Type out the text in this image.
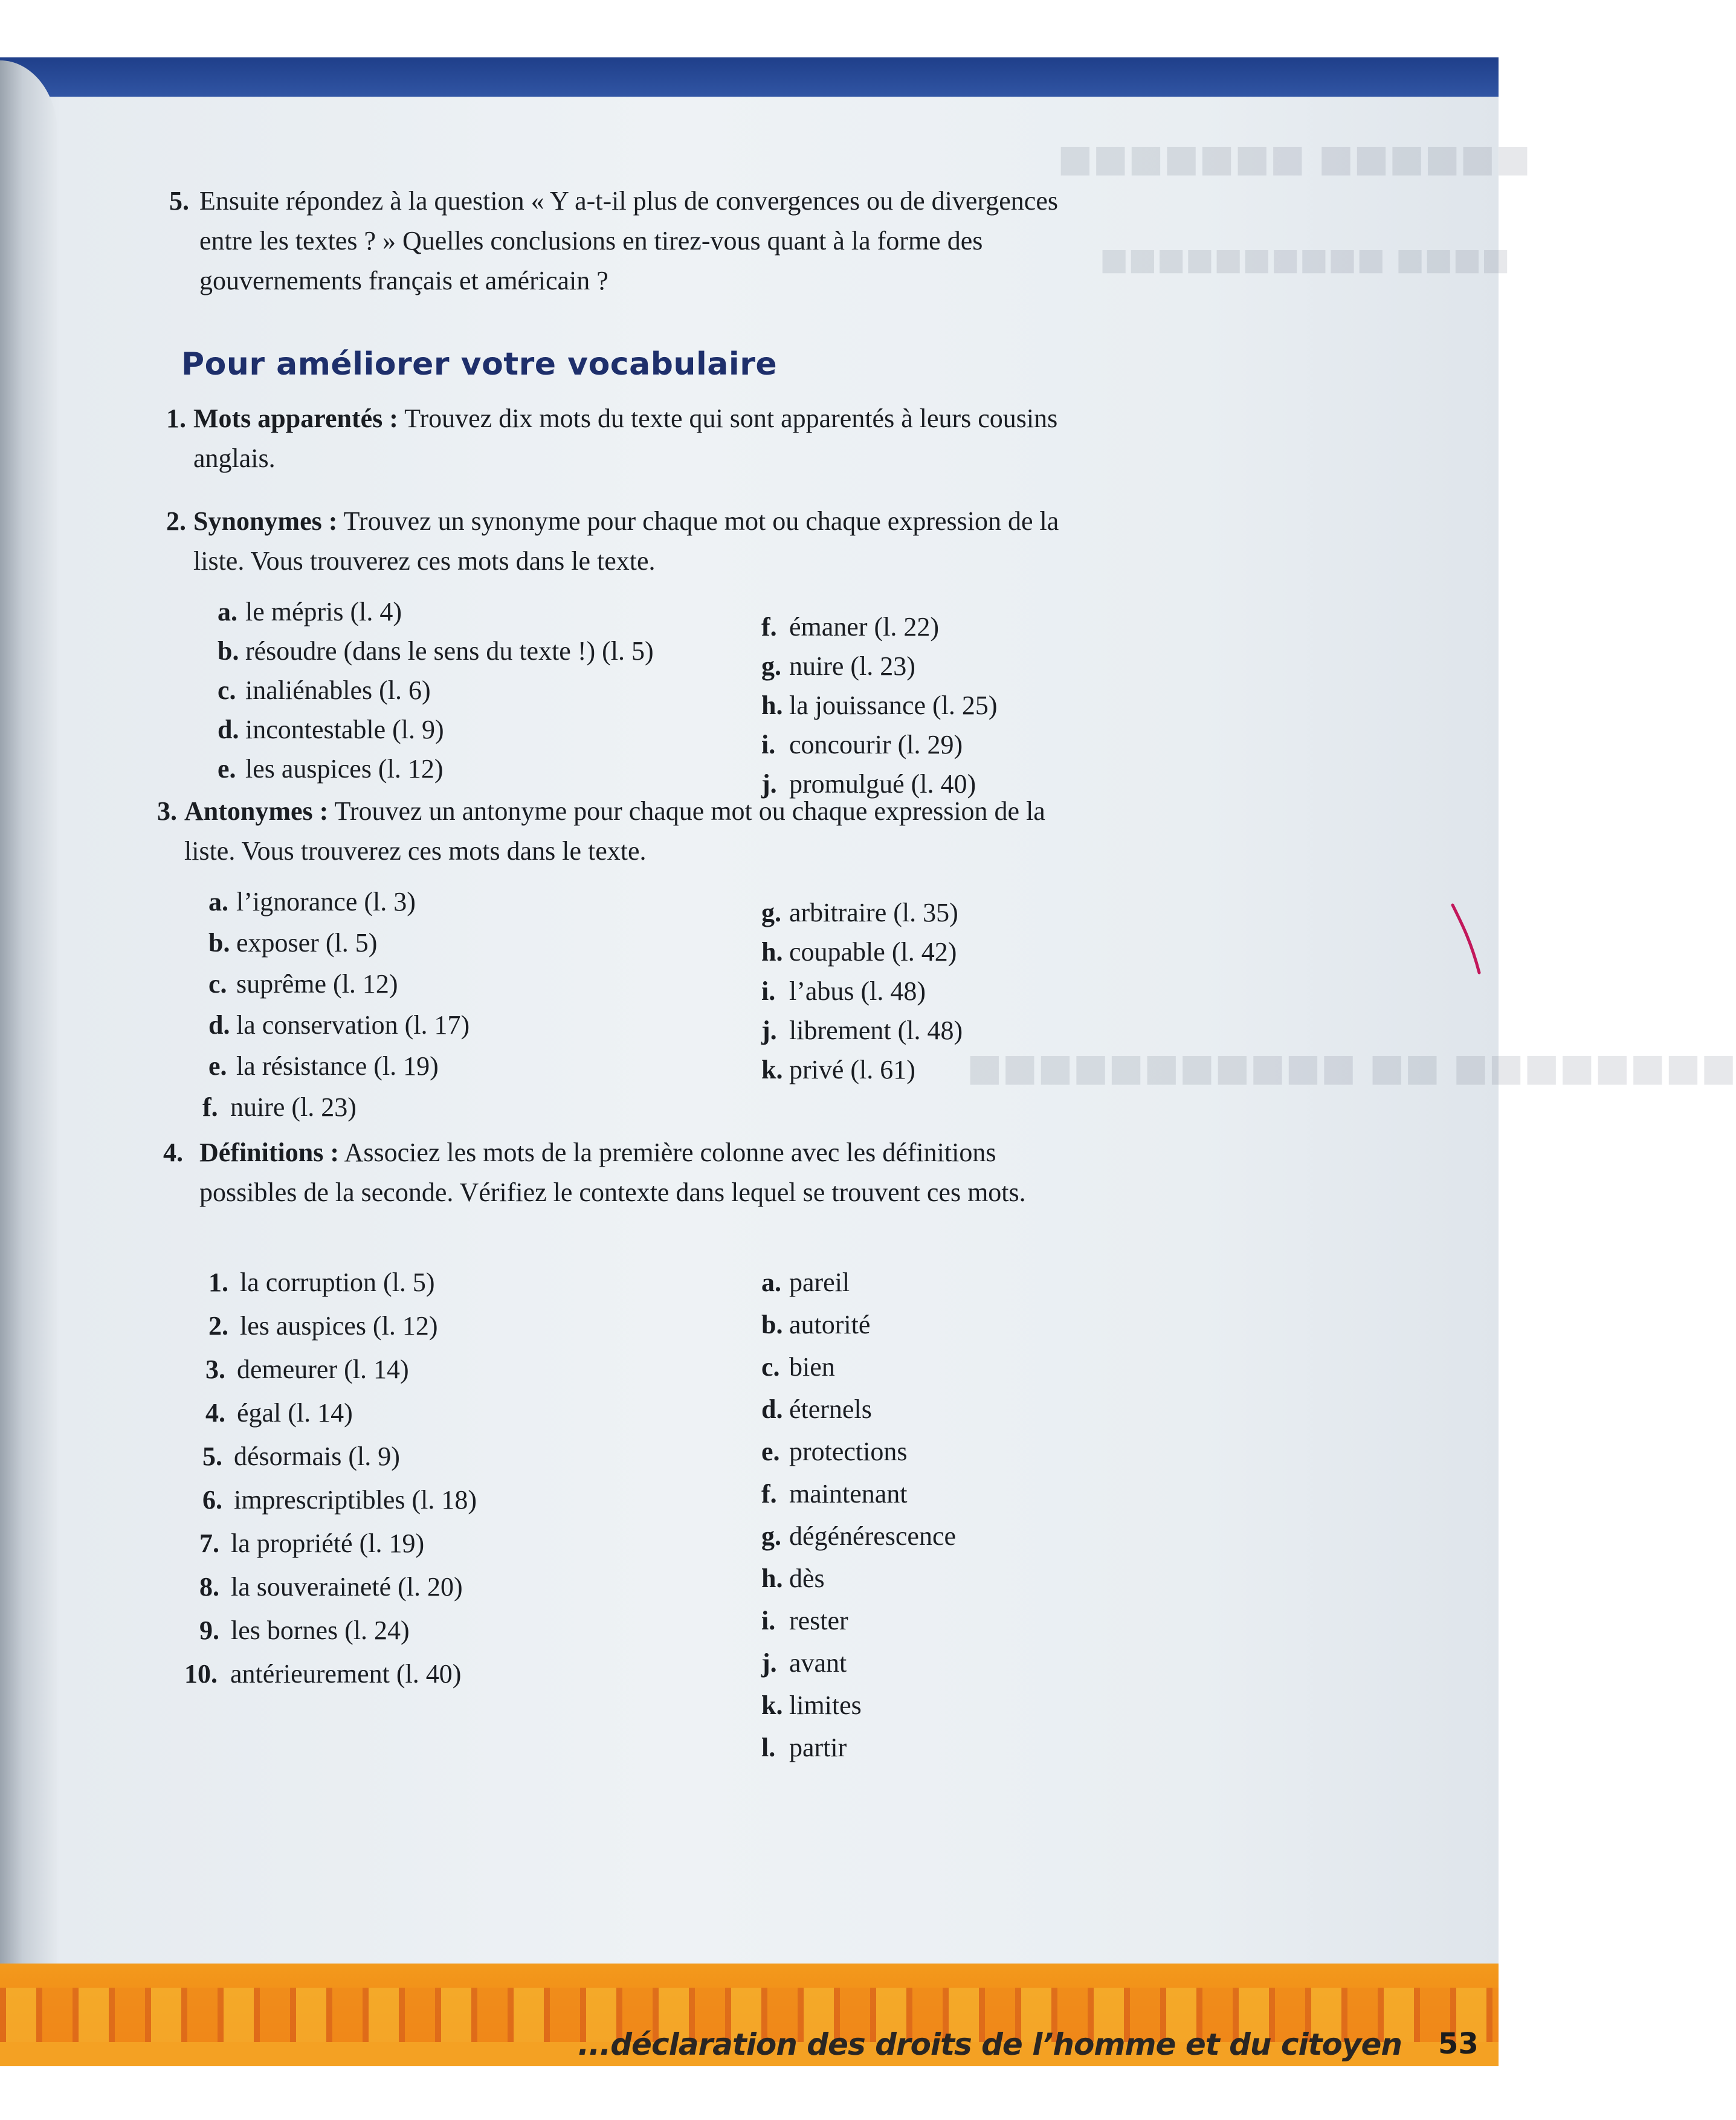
■■■■■■ ■■■■■■■
■■■■ ■■■■■■■■■■
■■■■■■■■ ■■ ■■■■■■■■■■■
5. Ensuite répondez à la question « Y a-t-il plus de convergences ou de divergences entre les textes ? » Quelles conclusions en tirez-vous quant à la forme des gouvernements français et américain ?
Pour améliorer votre vocabulaire
1. Mots apparentés : Trouvez dix mots du texte qui sont apparentés à leurs cousins anglais.
2. Synonymes : Trouvez un synonyme pour chaque mot ou chaque expression de la liste. Vous trouverez ces mots dans le texte.
a. le mépris (l. 4)
b. résoudre (dans le sens du texte !) (l. 5)
c. inaliénables (l. 6)
d. incontestable (l. 9)
e. les auspices (l. 12)
f. émaner (l. 22)
g. nuire (l. 23)
h. la jouissance (l. 25)
i. concourir (l. 29)
j. promulgué (l. 40)
3. Antonymes : Trouvez un antonyme pour chaque mot ou chaque expression de la liste. Vous trouverez ces mots dans le texte.
a. l’ignorance (l. 3)
b. exposer (l. 5)
c. suprême (l. 12)
d. la conservation (l. 17)
e. la résistance (l. 19)
f. nuire (l. 23)
g. arbitraire (l. 35)
h. coupable (l. 42)
i. l’abus (l. 48)
j. librement (l. 48)
k. privé (l. 61)
4. Définitions : Associez les mots de la première colonne avec les définitions possibles de la seconde. Vérifiez le contexte dans lequel se trouvent ces mots.
1. la corruption (l. 5)
2. les auspices (l. 12)
3. demeurer (l. 14)
4. égal (l. 14)
5. désormais (l. 9)
6. imprescriptibles (l. 18)
7. la propriété (l. 19)
8. la souveraineté (l. 20)
9. les bornes (l. 24)
10. antérieurement (l. 40)
a. pareil
b. autorité
c. bien
d. éternels
e. protections
f. maintenant
g. dégénérescence
h. dès
i. rester
j. avant
k. limites
l. partir
...déclaration des droits de l’homme et du citoyen 53
